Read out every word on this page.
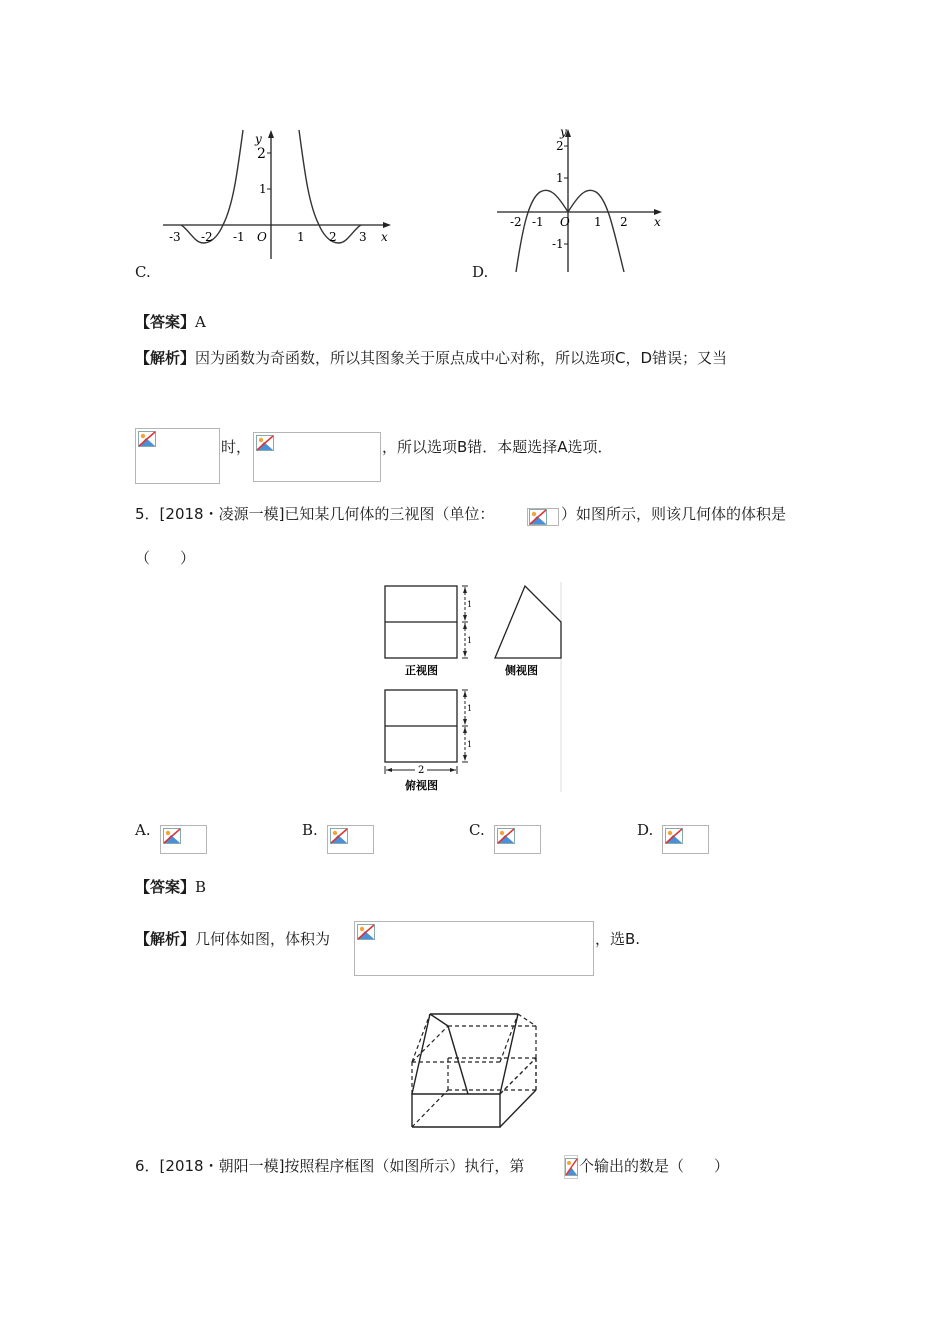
y
x
O
2
1
-3 -2 -1	1 2 3
C.
y
x
O
2
1
-1
-2 -1	1 2
D.
【答案】A
【解析】因为函数为奇函数，所以其图象关于原点成中心对称，所以选项C，D错误；又当
时，	，所以选项B错．本题选择A选项．
5．[2018・凌源一模]已知某几何体的三视图（单位：	）如图所示，则该几何体的体积是
（　　）
1
1
正视图	侧视图
1
1
2
俯视图
A.	B.	C.	D.
【答案】B
【解析】几何体如图，体积为	，选B.
6．[2018・朝阳一模]按照程序框图（如图所示）执行，第	个输出的数是（　　）
